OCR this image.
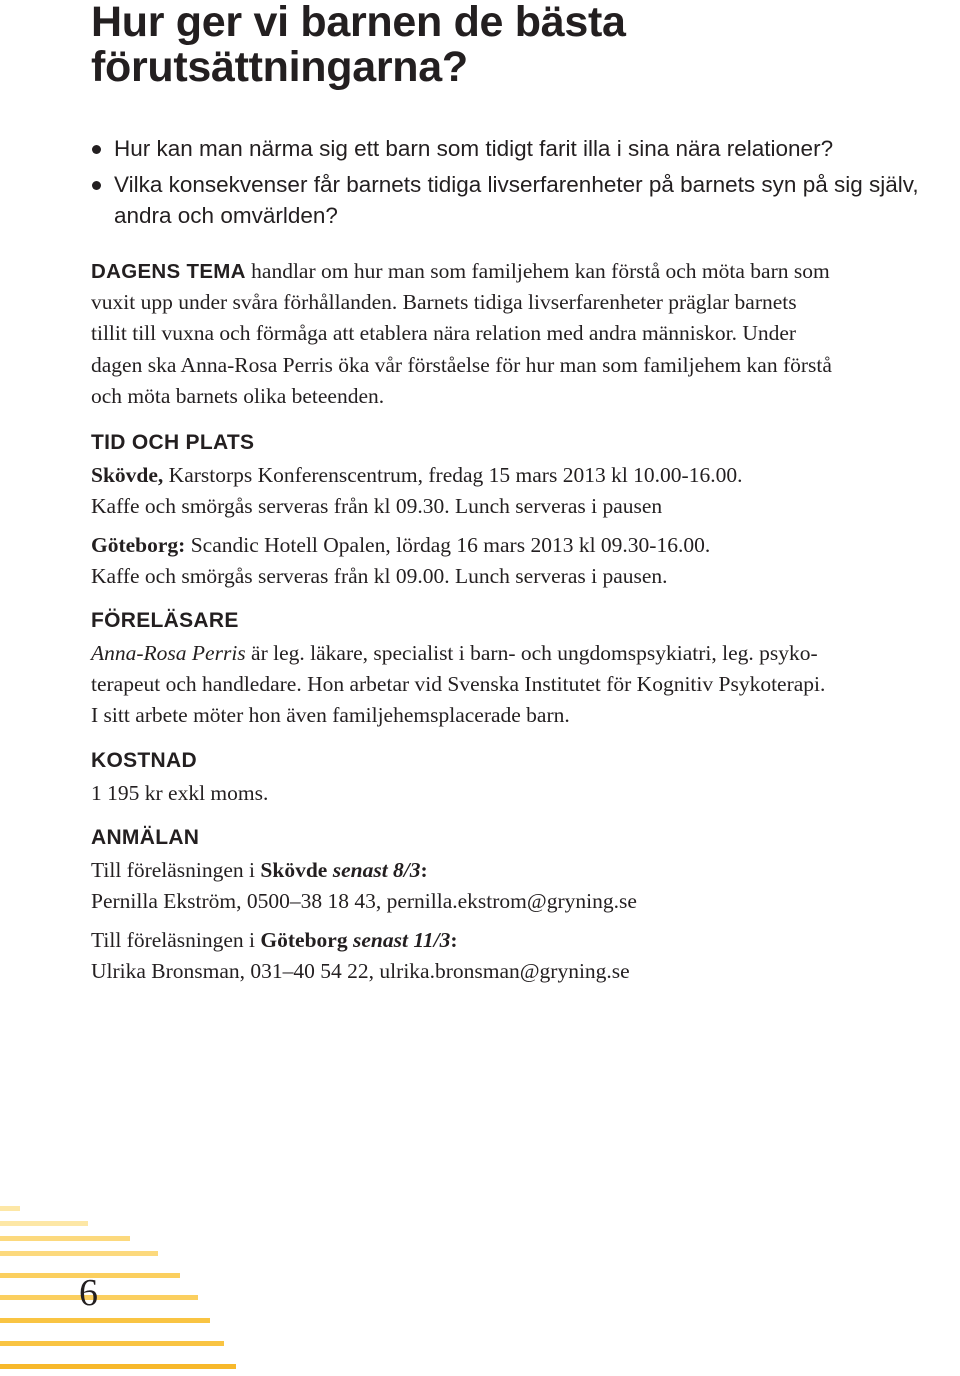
Hur ger vi barnen de bästa
förutsättningarna?
Hur kan man närma sig ett barn som tidigt farit illa i sina nära relationer?
Vilka konsekvenser får barnets tidiga livserfarenheter på barnets syn på sig själv, andra och omvärlden?
DAGENS TEMA handlar om hur man som familjehem kan förstå och möta barn som
vuxit upp under svåra förhållanden. Barnets tidiga livserfarenheter präglar barnets
tillit till vuxna och förmåga att etablera nära relation med andra människor. Under
dagen ska Anna-Rosa Perris öka vår förståelse för hur man som familjehem kan förstå
och möta barnets olika beteenden.
TID OCH PLATS
Skövde, Karstorps Konferenscentrum, fredag 15 mars 2013 kl 10.00-16.00.
Kaffe och smörgås serveras från kl 09.30. Lunch serveras i pausen
Göteborg: Scandic Hotell Opalen, lördag 16 mars 2013 kl 09.30-16.00.
Kaffe och smörgås serveras från kl 09.00. Lunch serveras i pausen.
FÖRELÄSARE
Anna-Rosa Perris är leg. läkare, specialist i barn- och ungdomspsykiatri, leg. psyko-
terapeut och handledare. Hon arbetar vid Svenska Institutet för Kognitiv Psykoterapi.
I sitt arbete möter hon även familjehemsplacerade barn.
KOSTNAD
1 195 kr exkl moms.
ANMÄLAN
Till föreläsningen i Skövde senast 8/3:
Pernilla Ekström, 0500–38 18 43, pernilla.ekstrom@gryning.se
Till föreläsningen i Göteborg senast 11/3:
Ulrika Bronsman, 031–40 54 22, ulrika.bronsman@gryning.se
6
